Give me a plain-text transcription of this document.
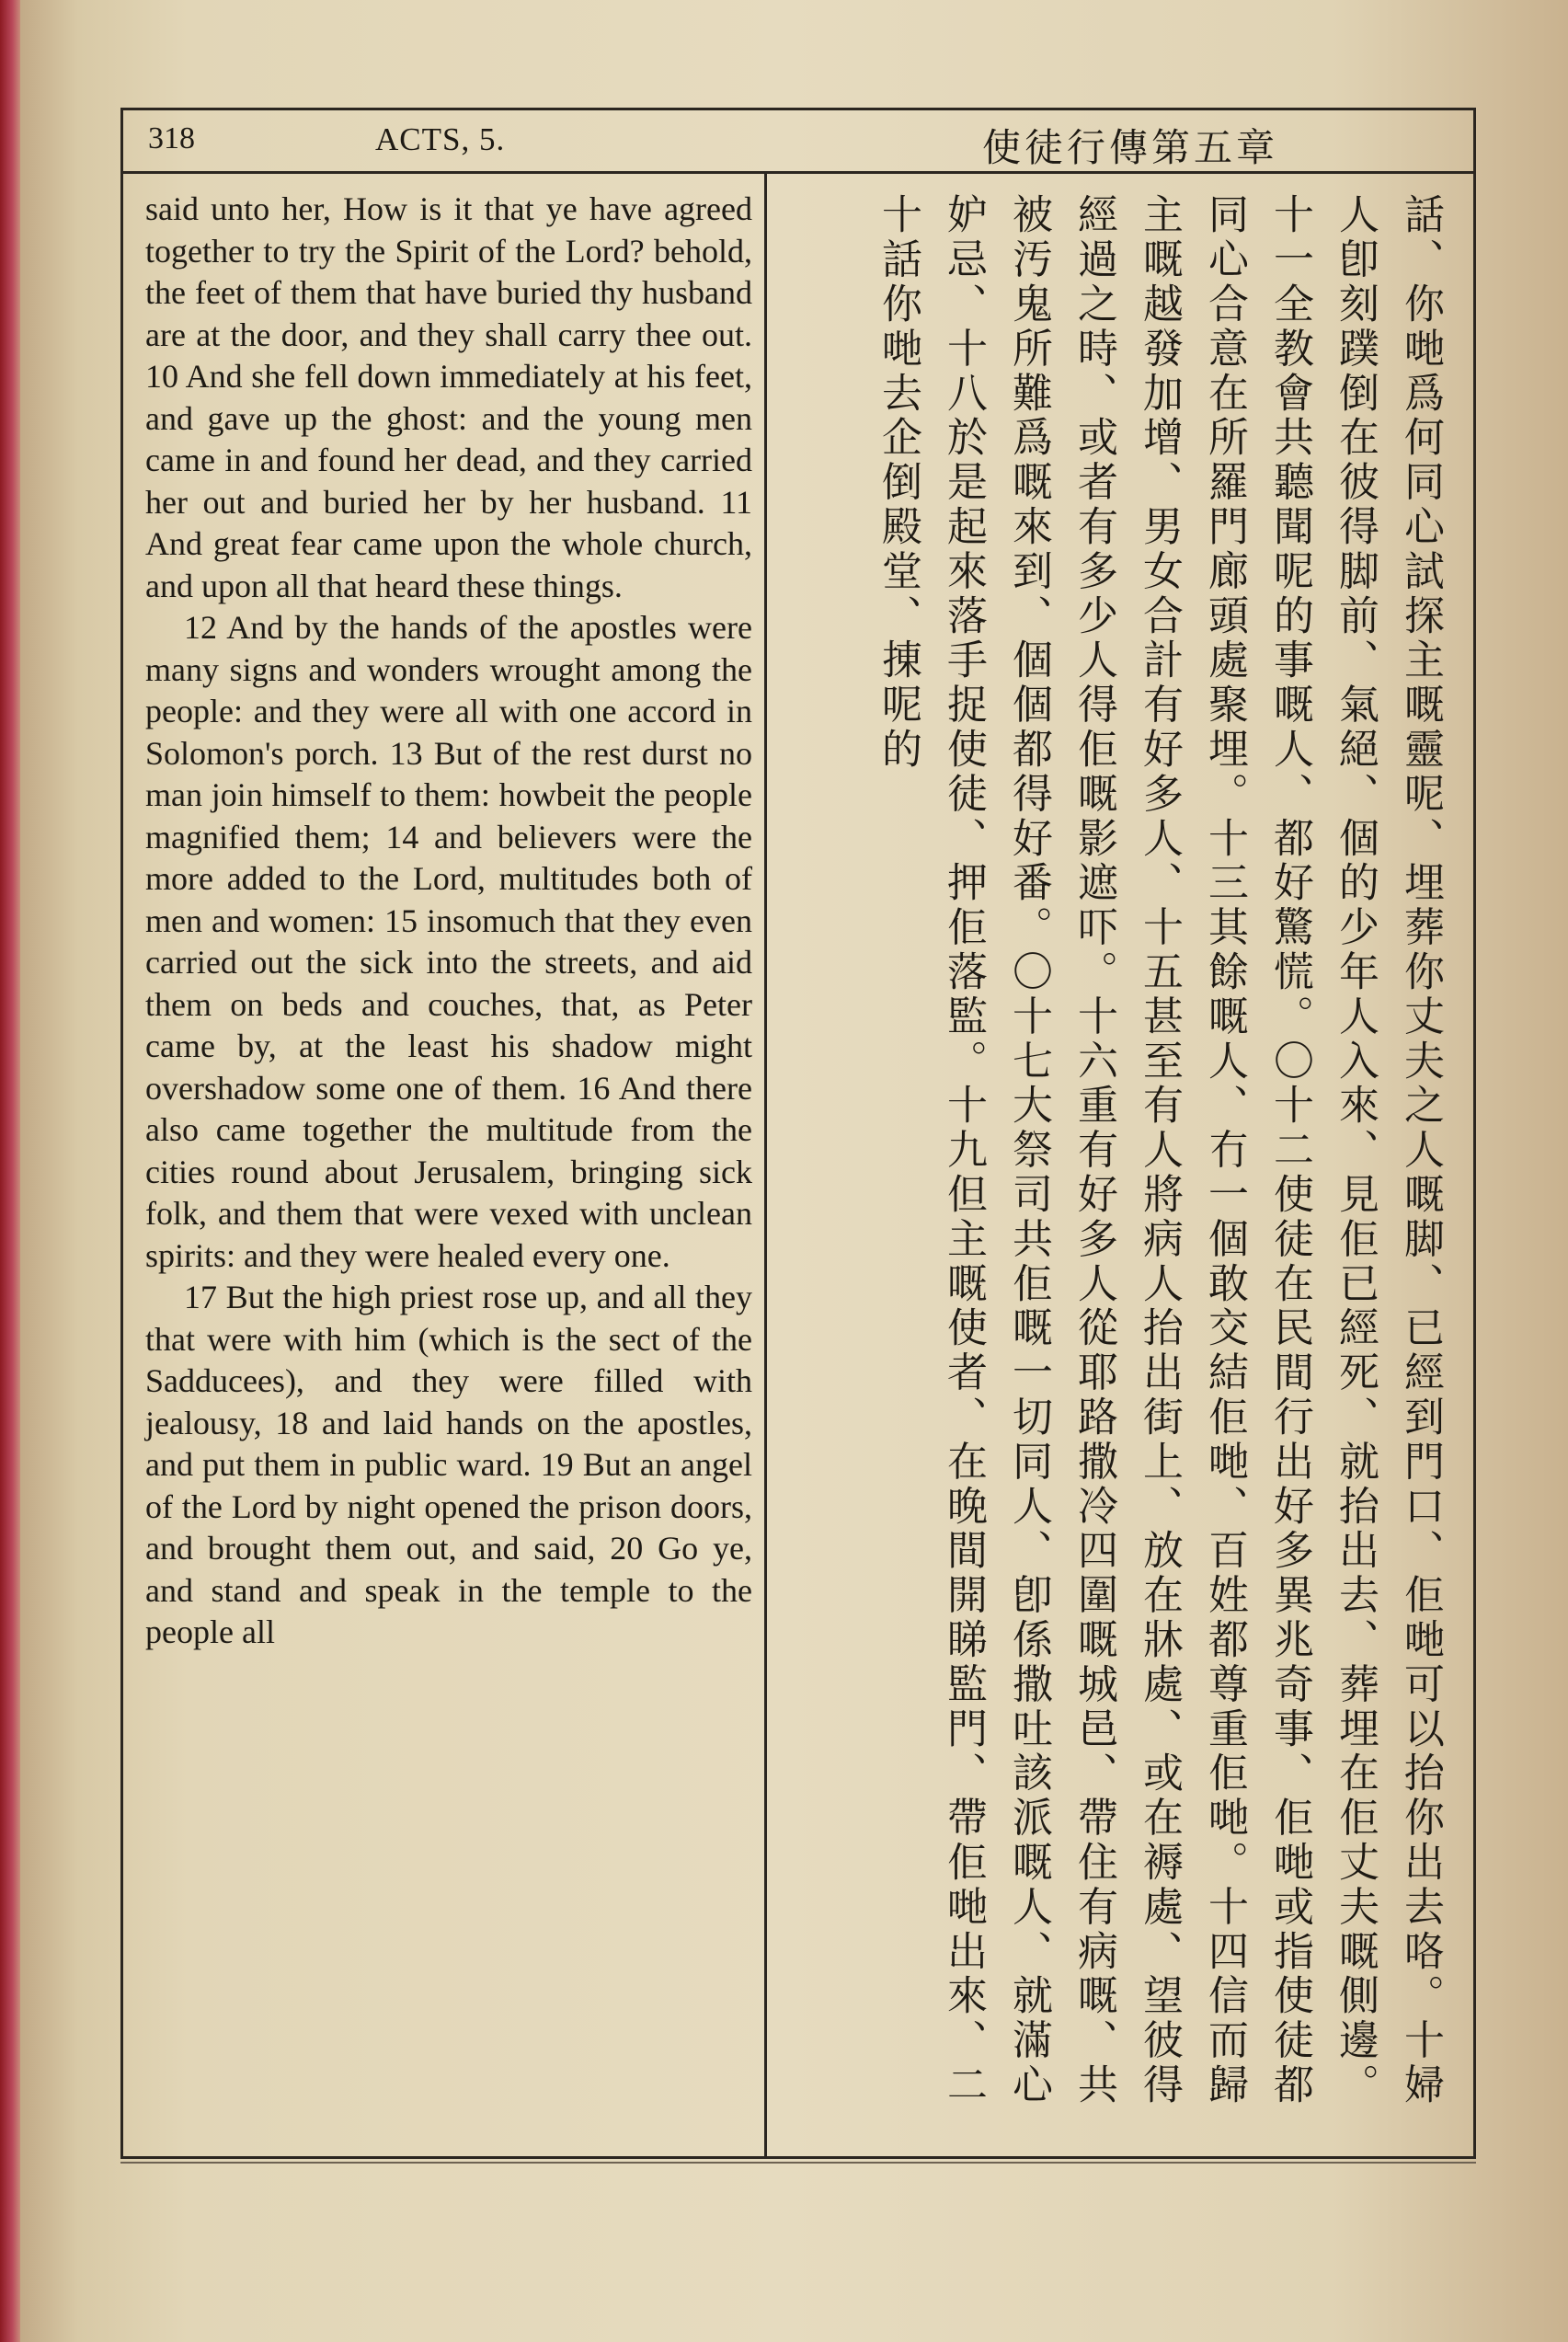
318	ACTS, 5.	使徒行傳第五章

said unto her, How is it that ye have agreed together to try the Spirit of the Lord? behold, the feet of them that have buried thy husband are at the door, and they shall carry thee out. 10 And she fell down immediately at his feet, and gave up the ghost: and the young men came in and found her dead, and they carried her out and buried her by her husband. 11 And great fear came upon the whole church, and upon all that heard these things.

12 And by the hands of the apostles were many signs and wonders wrought among the people: and they were all with one accord in Solomon's porch. 13 But of the rest durst no man join himself to them: howbeit the people magnified them; 14 and believers were the more added to the Lord, multitudes both of men and women: 15 insomuch that they even carried out the sick into the streets, and aid them on beds and couches, that, as Peter came by, at the least his shadow might overshadow some one of them. 16 And there also came together the multitude from the cities round about Jerusalem, bringing sick folk, and them that were vexed with unclean spirits: and they were healed every one.

17 But the high priest rose up, and all they that were with him (which is the sect of the Sadducees), and they were filled with jealousy, 18 and laid hands on the apostles, and put them in public ward. 19 But an angel of the Lord by night opened the prison doors, and brought them out, and said, 20 Go ye, and stand and speak in the temple to the people all	話、你哋爲何同心試探主嘅靈呢、埋葬你丈夫之人嘅脚、已經到門口、佢哋可以抬你出去咯。十婦人卽刻蹼倒在彼得脚前、氣絕、個的少年人入來、見佢已經死、就抬出去、葬埋在佢丈夫嘅側邊。十一全教會共聽聞呢的事嘅人、都好驚慌。〇十二使徒在民間行出好多異兆奇事、佢哋或指使徒都同心合意在所羅門廊頭處聚埋。十三其餘嘅人、冇一個敢交結佢哋、百姓都尊重佢哋。十四信而歸主嘅越發加增、男女合計有好多人、十五甚至有人將病人抬出街上、放在牀處、或在褥處、望彼得經過之時、或者有多少人得佢嘅影遮吓。十六重有好多人從耶路撒冷四圍嘅城邑、帶住有病嘅、共被汚鬼所難爲嘅來到、個個都得好番。〇十七大祭司共佢嘅一切同人、卽係撒吐該派嘅人、就滿心妒忌、十八於是起來落手捉使徒、押佢落監。十九但主嘅使者、在晚間開睇監門、帶佢哋出來、二十話你哋去企倒殿堂、㨂呢的
